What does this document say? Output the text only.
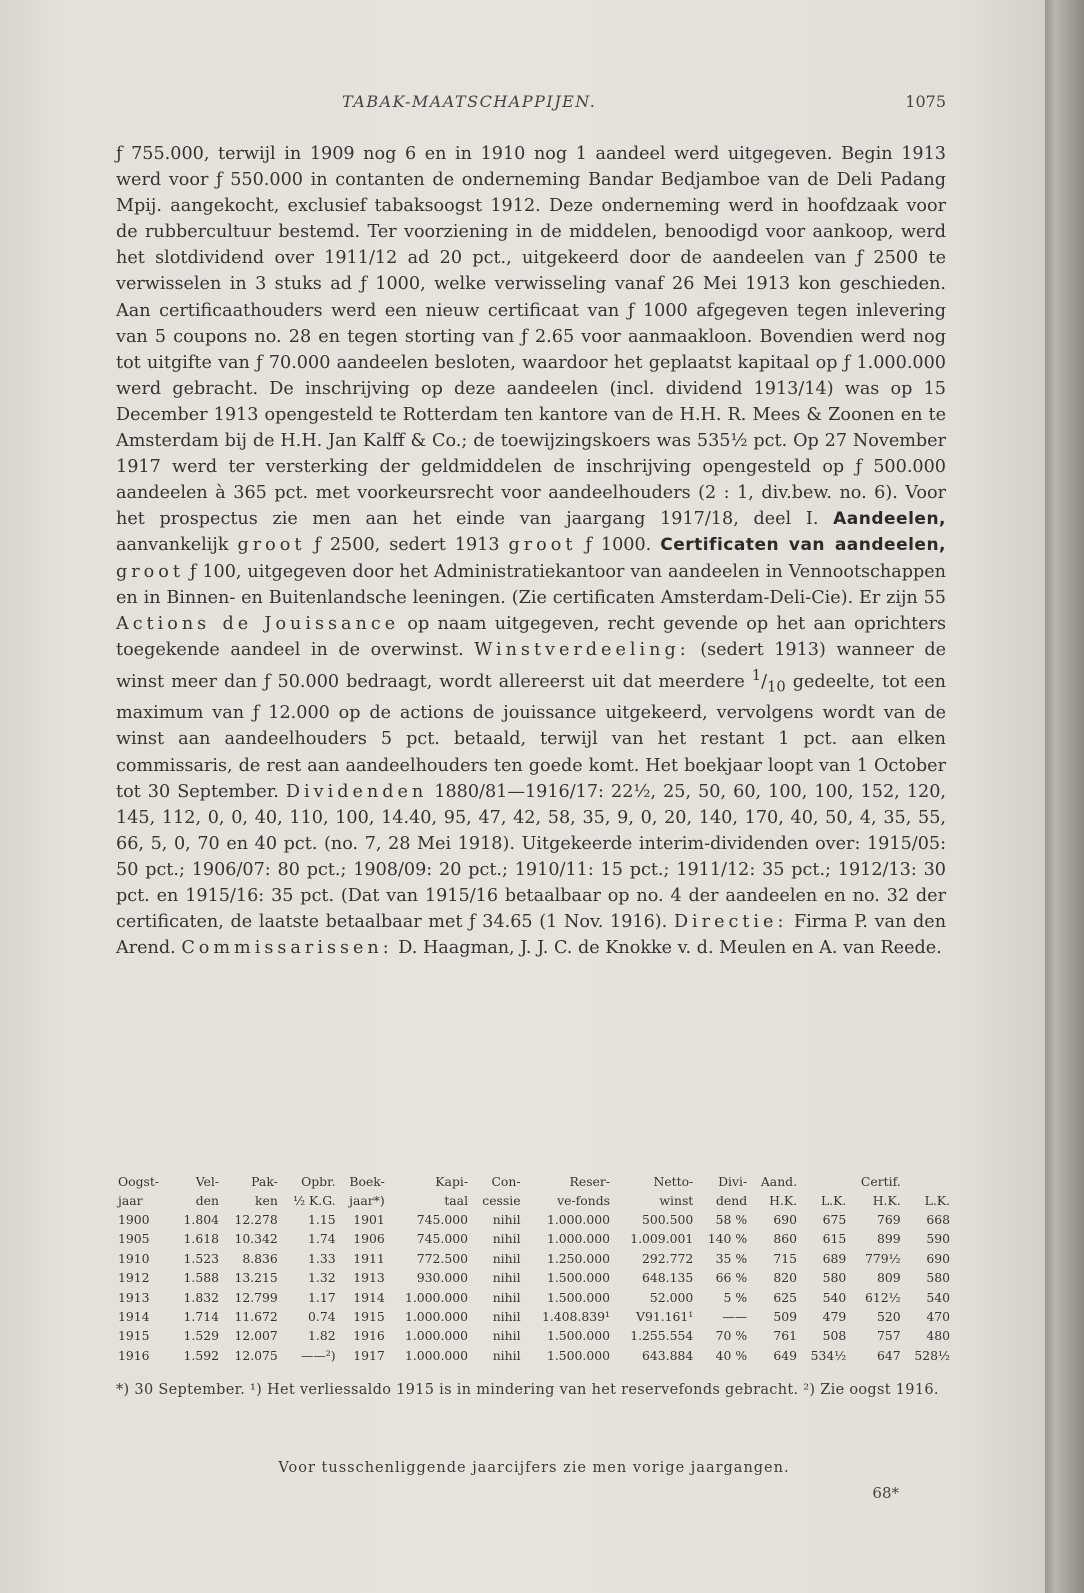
TABAK-MAATSCHAPPIJEN.	1075

ƒ 755.000, terwijl in 1909 nog 6 en in 1910 nog 1 aandeel werd uitgegeven. Begin 1913 werd voor ƒ 550.000 in contanten de onderneming Bandar Bedjamboe van de Deli Padang Mpij. aangekocht, exclusief tabaksoogst 1912. Deze onderneming werd in hoofdzaak voor de rubbercultuur bestemd. Ter voorziening in de middelen, benoodigd voor aankoop, werd het slotdividend over 1911/12 ad 20 pct., uitgekeerd door de aandeelen van ƒ 2500 te verwisselen in 3 stuks ad ƒ 1000, welke verwisseling vanaf 26 Mei 1913 kon geschieden. Aan certificaathouders werd een nieuw certificaat van ƒ 1000 afgegeven tegen inlevering van 5 coupons no. 28 en tegen storting van ƒ 2.65 voor aanmaakloon. Bovendien werd nog tot uitgifte van ƒ 70.000 aandeelen besloten, waardoor het geplaatst kapitaal op ƒ 1.000.000 werd gebracht. De inschrijving op deze aandeelen (incl. dividend 1913/14) was op 15 December 1913 opengesteld te Rotterdam ten kantore van de H.H. R. Mees & Zoonen en te Amsterdam bij de H.H. Jan Kalff & Co.; de toewijzingskoers was 535½ pct. Op 27 November 1917 werd ter versterking der geldmiddelen de inschrijving opengesteld op ƒ 500.000 aandeelen à 365 pct. met voorkeursrecht voor aandeelhouders (2 : 1, div.bew. no. 6). Voor het prospectus zie men aan het einde van jaargang 1917/18, deel I. Aandeelen, aanvankelijk groot ƒ 2500, sedert 1913 groot ƒ 1000. Certificaten van aandeelen, groot ƒ 100, uitgegeven door het Administratiekantoor van aandeelen in Vennootschappen en in Binnen- en Buitenlandsche leeningen. (Zie certificaten Amsterdam-Deli-Cie). Er zijn 55 Actions de Jouissance op naam uitgegeven, recht gevende op het aan oprichters toegekende aandeel in de overwinst. Winstverdeeling: (sedert 1913) wanneer de winst meer dan ƒ 50.000 bedraagt, wordt allereerst uit dat meerdere $^1/_{10}$ gedeelte, tot een maximum van ƒ 12.000 op de actions de jouissance uitgekeerd, vervolgens wordt van de winst aan aandeelhouders 5 pct. betaald, terwijl van het restant 1 pct. aan elken commissaris, de rest aan aandeelhouders ten goede komt. Het boekjaar loopt van 1 October tot 30 September. Dividenden 1880/81—1916/17: 22½, 25, 50, 60, 100, 100, 152, 120, 145, 112, 0, 0, 40, 110, 100, 14.40, 95, 47, 42, 58, 35, 9, 0, 20, 140, 170, 40, 50, 4, 35, 55, 66, 5, 0, 70 en 40 pct. (no. 7, 28 Mei 1918). Uitgekeerde interim-dividenden over: 1915/05: 50 pct.; 1906/07: 80 pct.; 1908/09: 20 pct.; 1910/11: 15 pct.; 1911/12: 35 pct.; 1912/13: 30 pct. en 1915/16: 35 pct. (Dat van 1915/16 betaalbaar op no. 4 der aandeelen en no. 32 der certificaten, de laatste betaalbaar met ƒ 34.65 (1 Nov. 1916). Directie: Firma P. van den Arend. Commissarissen: D. Haagman, J. J. C. de Knokke v. d. Meulen en A. van Reede.

Oogst-	Vel-	Pak-	Opbr.	Boek-	Kapi-	Con-	Reser-	Netto-	Divi-	Aand.		Certif.	
jaar	den	ken	½ K.G.	jaar*)	taal	cessie	ve-fonds	winst	dend	H.K.	L.K.	H.K.	L.K.
1900	1.804	12.278	1.15	1901	745.000	nihil	1.000.000	500.500	58 %	690	675	769	668
1905	1.618	10.342	1.74	1906	745.000	nihil	1.000.000	1.009.001	140 %	860	615	899	590
1910	1.523	8.836	1.33	1911	772.500	nihil	1.250.000	292.772	35 %	715	689	779½	690
1912	1.588	13.215	1.32	1913	930.000	nihil	1.500.000	648.135	66 %	820	580	809	580
1913	1.832	12.799	1.17	1914	1.000.000	nihil	1.500.000	52.000	5 %	625	540	612½	540
1914	1.714	11.672	0.74	1915	1.000.000	nihil	1.408.839¹	V91.161¹	——	509	479	520	470
1915	1.529	12.007	1.82	1916	1.000.000	nihil	1.500.000	1.255.554	70 %	761	508	757	480
1916	1.592	12.075	——²)	1917	1.000.000	nihil	1.500.000	643.884	40 %	649	534½	647	528½

*) 30 September. ¹) Het verliessaldo 1915 is in mindering van het reservefonds gebracht. ²) Zie oogst 1916.

Voor tusschenliggende jaarcijfers zie men vorige jaargangen.
68*
